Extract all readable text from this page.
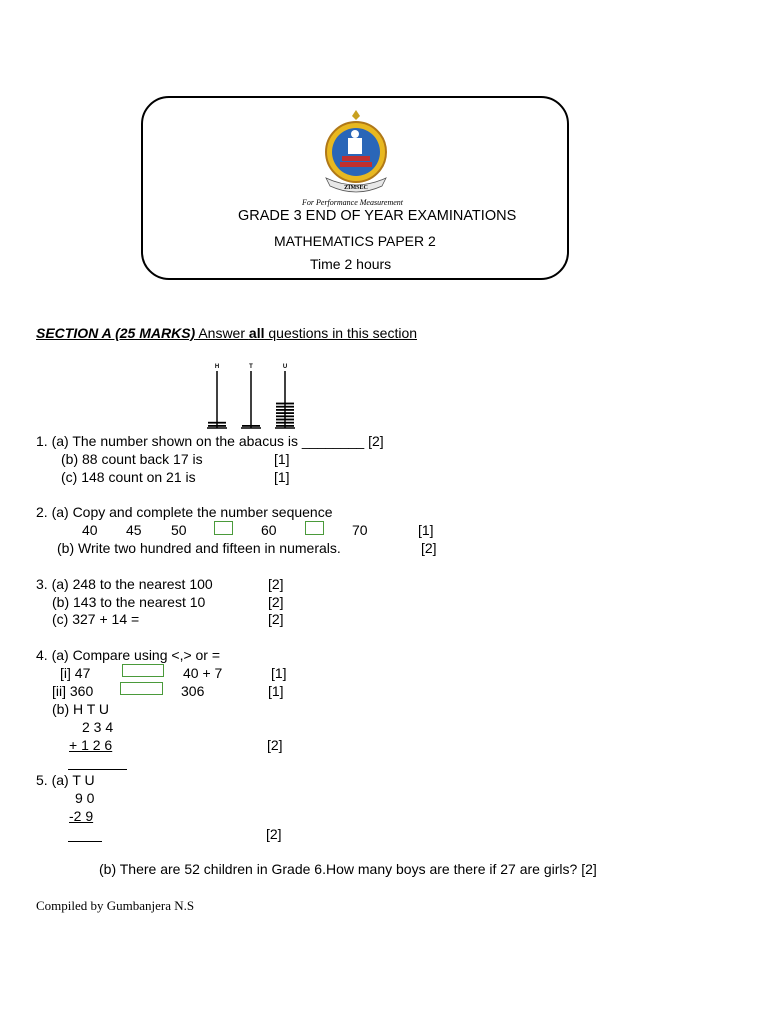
ZIMSEC
For Performance Measurement
GRADE 3 END OF YEAR EXAMINATIONS
MATHEMATICS PAPER 2
Time 2 hours
SECTION A (25 MARKS) Answer all questions in this section
H	T	U
1. (a) The number shown on the abacus is ________ [2]
(b) 88 count back 17 is	[1]
(c) 148 count on 21 is	[1]
2. (a) Copy and complete the number sequence
40 45 50	60	70	[1]
(b) Write two hundred and fifteen in numerals.	[2]
3. (a) 248 to the nearest 100	[2]
(b) 143 to the nearest 10	[2]
(c) 327 + 14 =	[2]
4. (a) Compare using <,> or =
[i] 47	40 + 7	[1]
[ii] 360	306	[1]
(b) H T U
2 3 4
+ 1 2 6	[2]
5. (a) T U
9 0
-2 9
[2]
(b) There are 52 children in Grade 6.How many boys are there if 27 are girls? [2]
Compiled by Gumbanjera N.S
